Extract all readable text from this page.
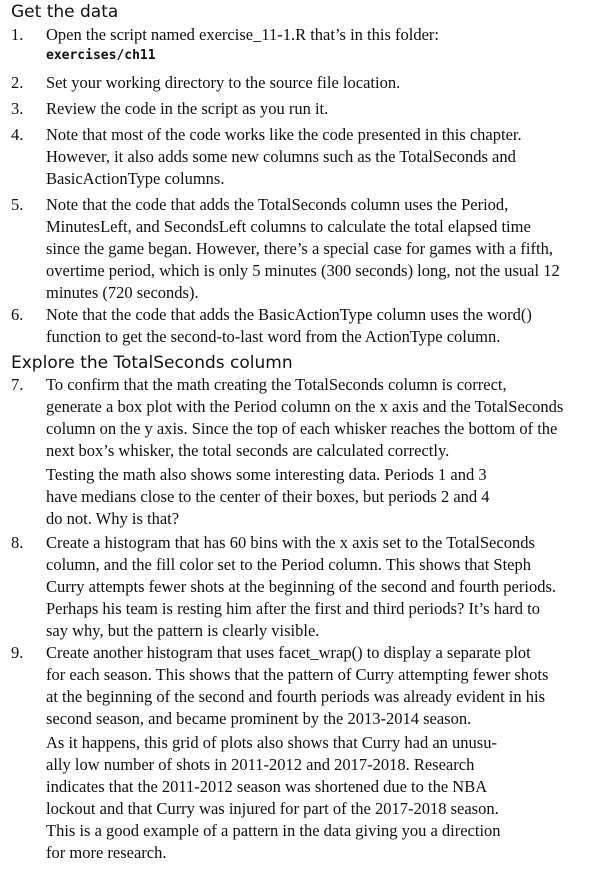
Get the data
1. Open the script named exercise_11-1.R that’s in this folder:
exercises/ch11
2. Set your working directory to the source file location.
3. Review the code in the script as you run it.
4. Note that most of the code works like the code presented in this chapter.
However, it also adds some new columns such as the TotalSeconds and
BasicActionType columns.
5. Note that the code that adds the TotalSeconds column uses the Period,
MinutesLeft, and SecondsLeft columns to calculate the total elapsed time
since the game began. However, there’s a special case for games with a fifth,
overtime period, which is only 5 minutes (300 seconds) long, not the usual 12
minutes (720 seconds).
6. Note that the code that adds the BasicActionType column uses the word()
function to get the second-to-last word from the ActionType column.
Explore the TotalSeconds column
7. To confirm that the math creating the TotalSeconds column is correct,
generate a box plot with the Period column on the x axis and the TotalSeconds
column on the y axis. Since the top of each whisker reaches the bottom of the
next box’s whisker, the total seconds are calculated correctly.
Testing the math also shows some interesting data. Periods 1 and 3
have medians close to the center of their boxes, but periods 2 and 4
do not. Why is that?
8. Create a histogram that has 60 bins with the x axis set to the TotalSeconds
column, and the fill color set to the Period column. This shows that Steph
Curry attempts fewer shots at the beginning of the second and fourth periods.
Perhaps his team is resting him after the first and third periods? It’s hard to
say why, but the pattern is clearly visible.
9. Create another histogram that uses facet_wrap() to display a separate plot
for each season. This shows that the pattern of Curry attempting fewer shots
at the beginning of the second and fourth periods was already evident in his
second season, and became prominent by the 2013-2014 season.
As it happens, this grid of plots also shows that Curry had an unusu-
ally low number of shots in 2011-2012 and 2017-2018. Research
indicates that the 2011-2012 season was shortened due to the NBA
lockout and that Curry was injured for part of the 2017-2018 season.
This is a good example of a pattern in the data giving you a direction
for more research.
